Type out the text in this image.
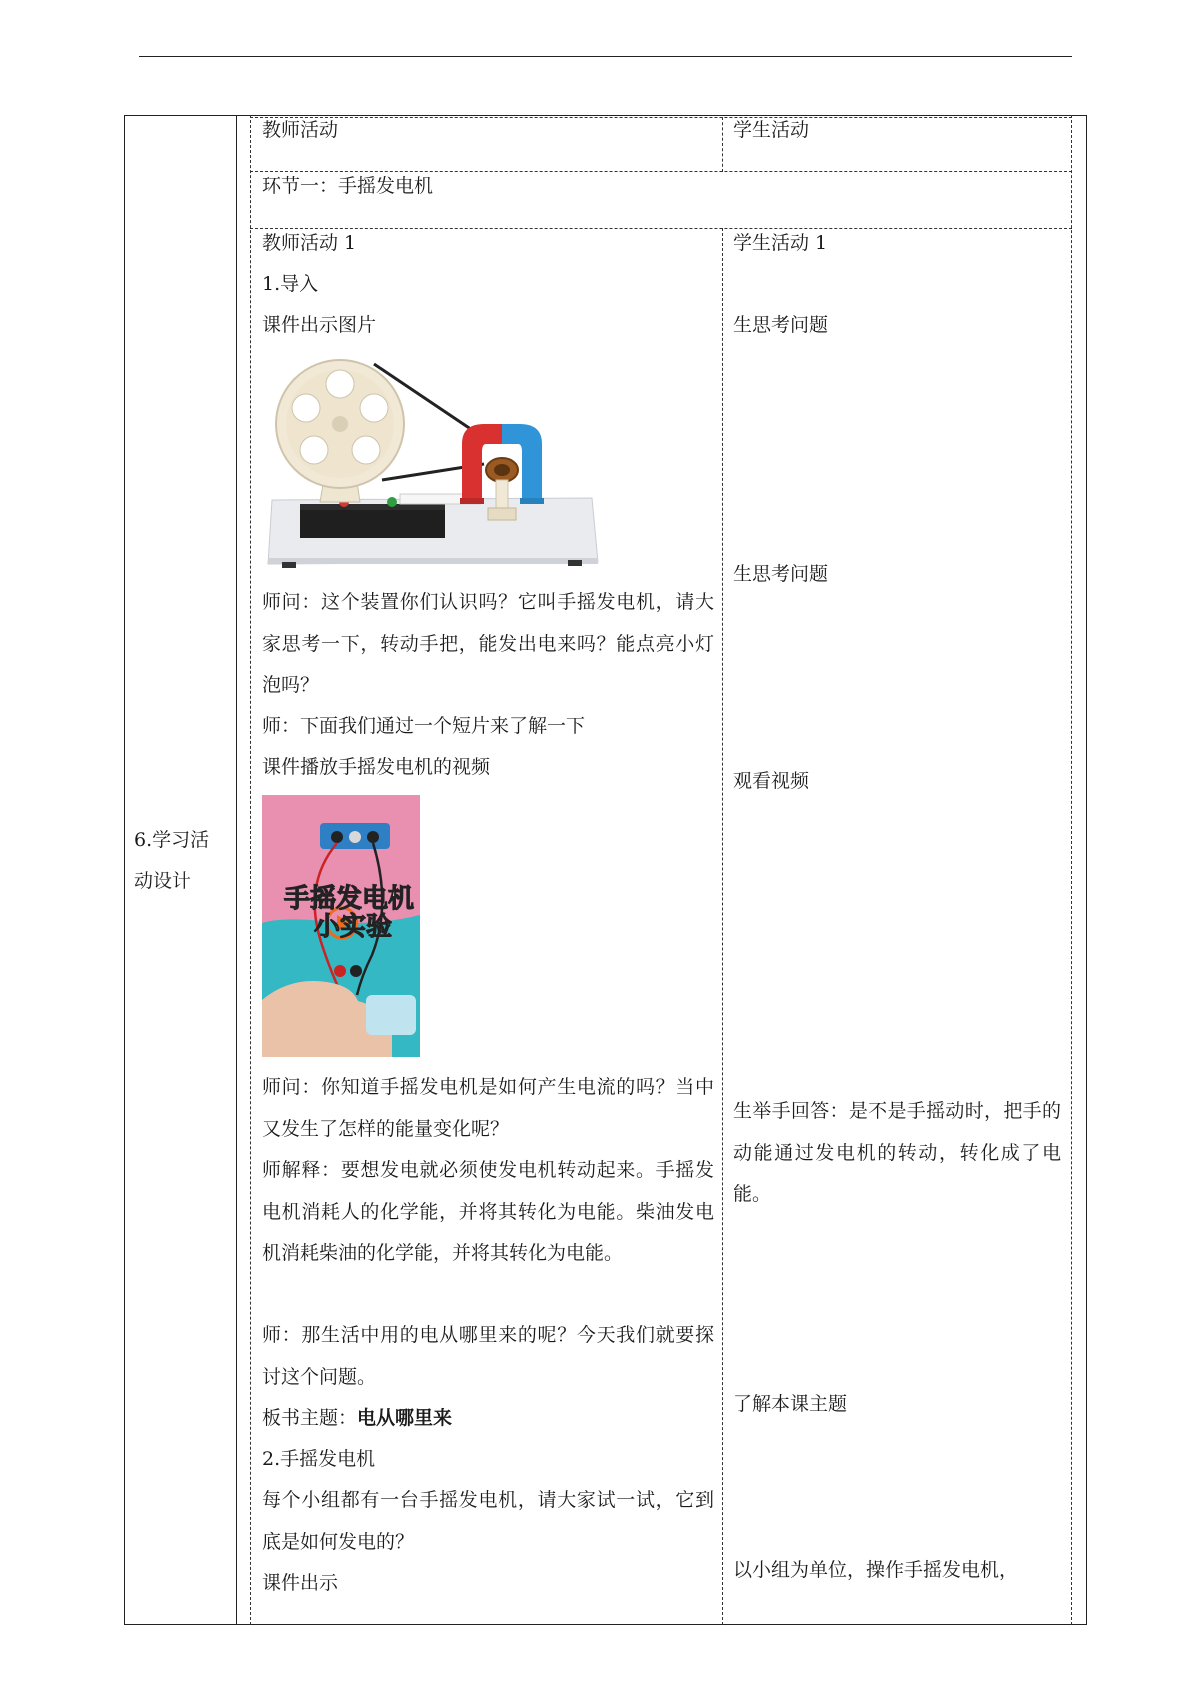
6.学习活
动设计
教师活动	学生活动
环节一：手摇发电机
教师活动 1	学生活动 1
1.导入
课件出示图片
师问：这个装置你们认识吗？它叫手摇发电机，请大家思考一下，转动手把，能发出电来吗？能点亮小灯泡吗？
师：下面我们通过一个短片来了解一下
课件播放手摇发电机的视频
手摇发电机
小实验
师问：你知道手摇发电机是如何产生电流的吗？当中又发生了怎样的能量变化呢？
师解释：要想发电就必须使发电机转动起来。手摇发电机消耗人的化学能，并将其转化为电能。柴油发电机消耗柴油的化学能，并将其转化为电能。
师：那生活中用的电从哪里来的呢？今天我们就要探讨这个问题。
板书主题：电从哪里来
2.手摇发电机
每个小组都有一台手摇发电机，请大家试一试，它到底是如何发电的？
课件出示
生思考问题
生思考问题
观看视频
生举手回答：是不是手摇动时，把手的动能通过发电机的转动，转化成了电能。
了解本课主题
以小组为单位，操作手摇发电机，
